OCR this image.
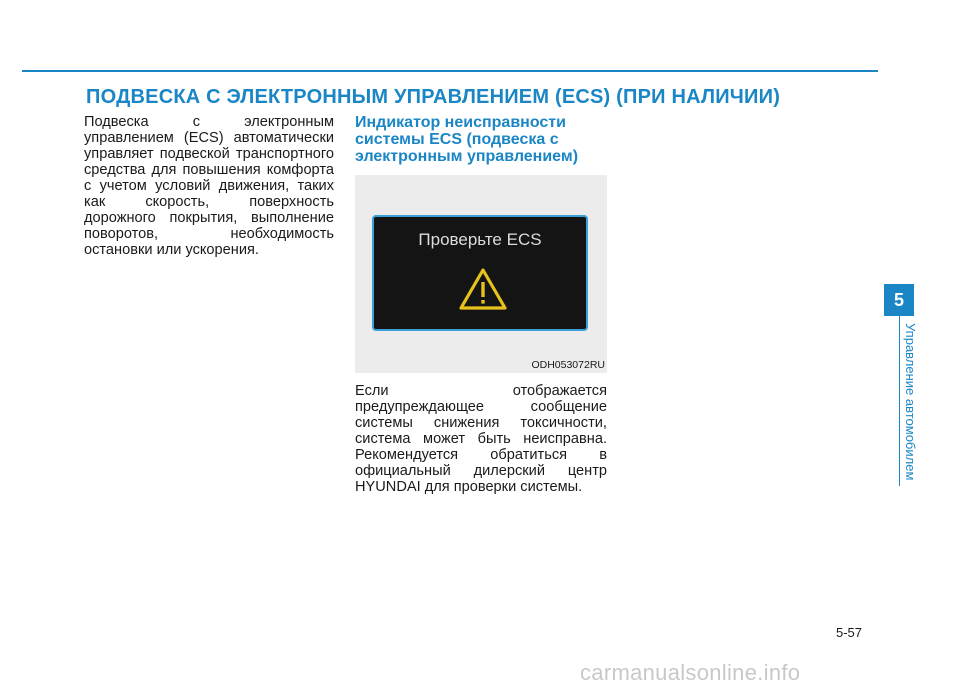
ПОДВЕСКА С ЭЛЕКТРОННЫМ УПРАВЛЕНИЕМ (ECS) (ПРИ НАЛИЧИИ)
Подвеска с электронным управлением (ECS) автоматически управляет подвеской транспортного средства для повышения комфорта с учетом условий движения, таких как скорость, поверхность дорожного покрытия, выполнение поворотов, необходимость остановки или ускорения.

Индикатор неисправности системы ECS (подвеска с электронным управлением)

Проверьте ECS
ODH053072RU
Если отображается предупреждающее сообщение системы снижения токсичности, система может быть неисправна. Рекомендуется обратиться в официальный дилерский центр HYUNDAI для проверки системы.
5
Управление автомобилем
5-57
carmanualsonline.info
